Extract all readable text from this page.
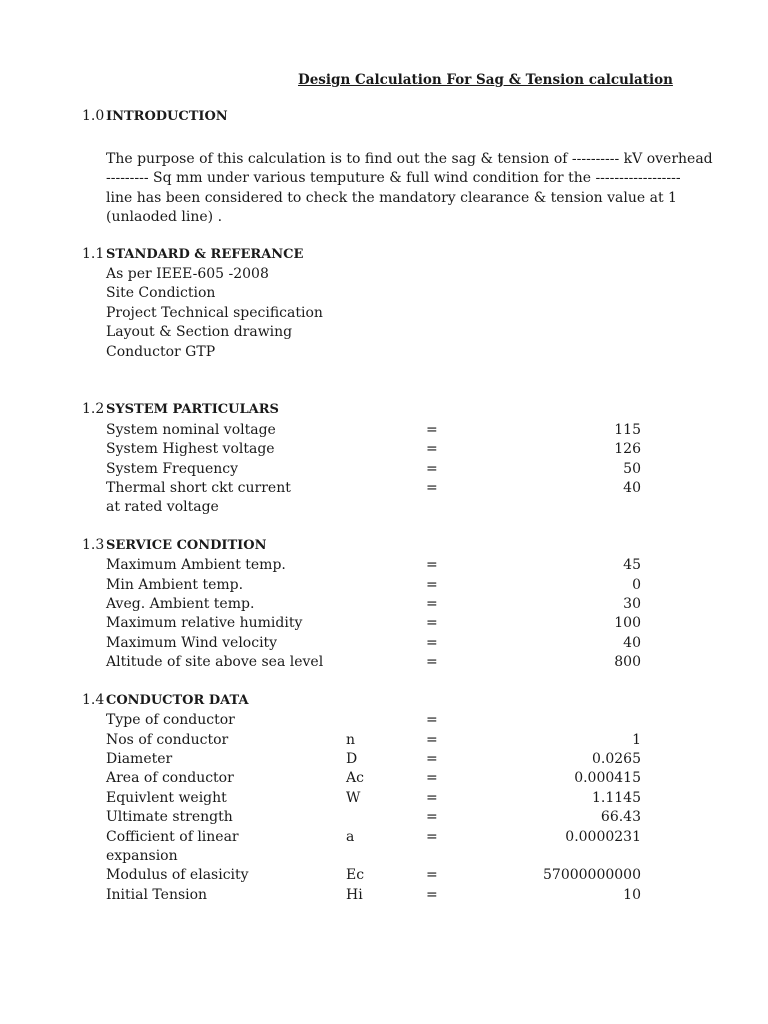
Design Calculation For Sag & Tension calculation
1.0 INTRODUCTION
The purpose of this calculation is to find out the sag & tension of ---------- kV overhead
--------- Sq mm under various temputure & full wind condition for the ------------------
line has been considered to check the mandatory clearance & tension value at 1
(unlaoded line) .
1.1 STANDARD & REFERANCE
As per IEEE-605 -2008
Site Condiction
Project Technical specification
Layout & Section drawing
Conductor GTP
1.2 SYSTEM PARTICULARS
System nominal voltage	=	115
System Highest voltage	=	126
System Frequency	=	50
Thermal short ckt current	=	40
at rated voltage
1.3 SERVICE CONDITION
Maximum Ambient temp.	=	45
Min Ambient temp.	=	0
Aveg. Ambient temp.	=	30
Maximum relative humidity	=	100
Maximum Wind velocity	=	40
Altitude of site above sea level	=	800
1.4 CONDUCTOR DATA
Type of conductor	=
Nos of conductor	n	=	1
Diameter	D	=	0.0265
Area of conductor	Ac	=	0.000415
Equivlent weight	W	=	1.1145
Ultimate strength	=	66.43
Cofficient of linear	a	=	0.0000231
expansion
Modulus of elasicity	Ec	=	57000000000
Initial Tension	Hi	=	10
